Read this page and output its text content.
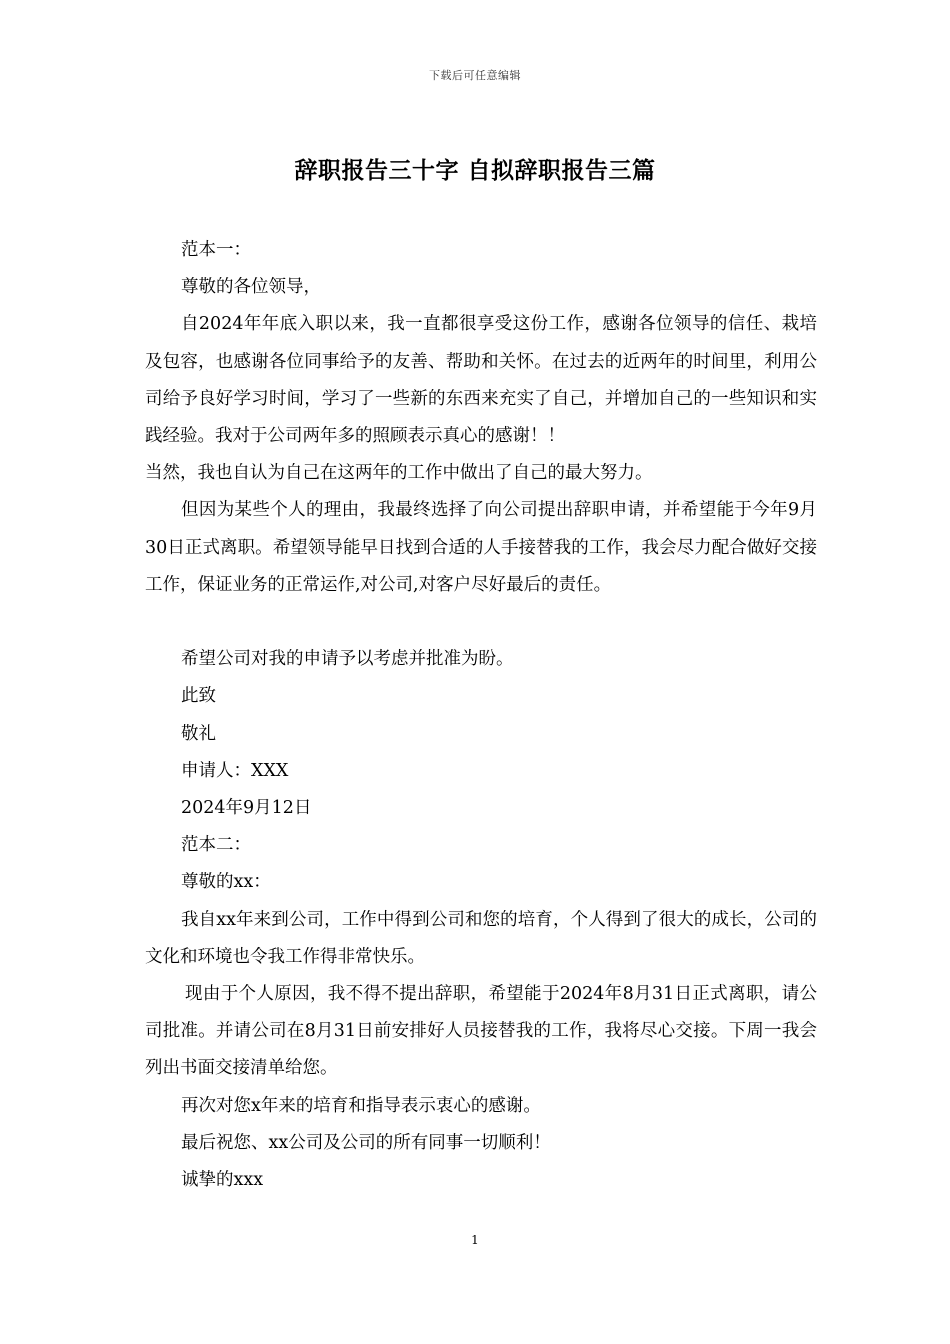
下载后可任意编辑
辞职报告三十字 自拟辞职报告三篇

范本一：

尊敬的各位领导，

自2024年年底入职以来，我一直都很享受这份工作，感谢各位领导的信任、栽培及包容，也感谢各位同事给予的友善、帮助和关怀。在过去的近两年的时间里，利用公司给予良好学习时间，学习了一些新的东西来充实了自己，并增加自己的一些知识和实践经验。我对于公司两年多的照顾表示真心的感谢！！

当然，我也自认为自己在这两年的工作中做出了自己的最大努力。

但因为某些个人的理由，我最终选择了向公司提出辞职申请，并希望能于今年9月30日正式离职。希望领导能早日找到合适的人手接替我的工作，我会尽力配合做好交接工作，保证业务的正常运作,对公司,对客户尽好最后的责任。

希望公司对我的申请予以考虑并批准为盼。

此致

敬礼

申请人：XXX

2024年9月12日

范本二：

尊敬的xx：

我自xx年来到公司，工作中得到公司和您的培育，个人得到了很大的成长，公司的文化和环境也令我工作得非常快乐。

现由于个人原因，我不得不提出辞职，希望能于2024年8月31日正式离职，请公司批准。并请公司在8月31日前安排好人员接替我的工作，我将尽心交接。下周一我会列出书面交接清单给您。

再次对您x年来的培育和指导表示衷心的感谢。

最后祝您、xx公司及公司的所有同事一切顺利！

诚挚的xxx

1
